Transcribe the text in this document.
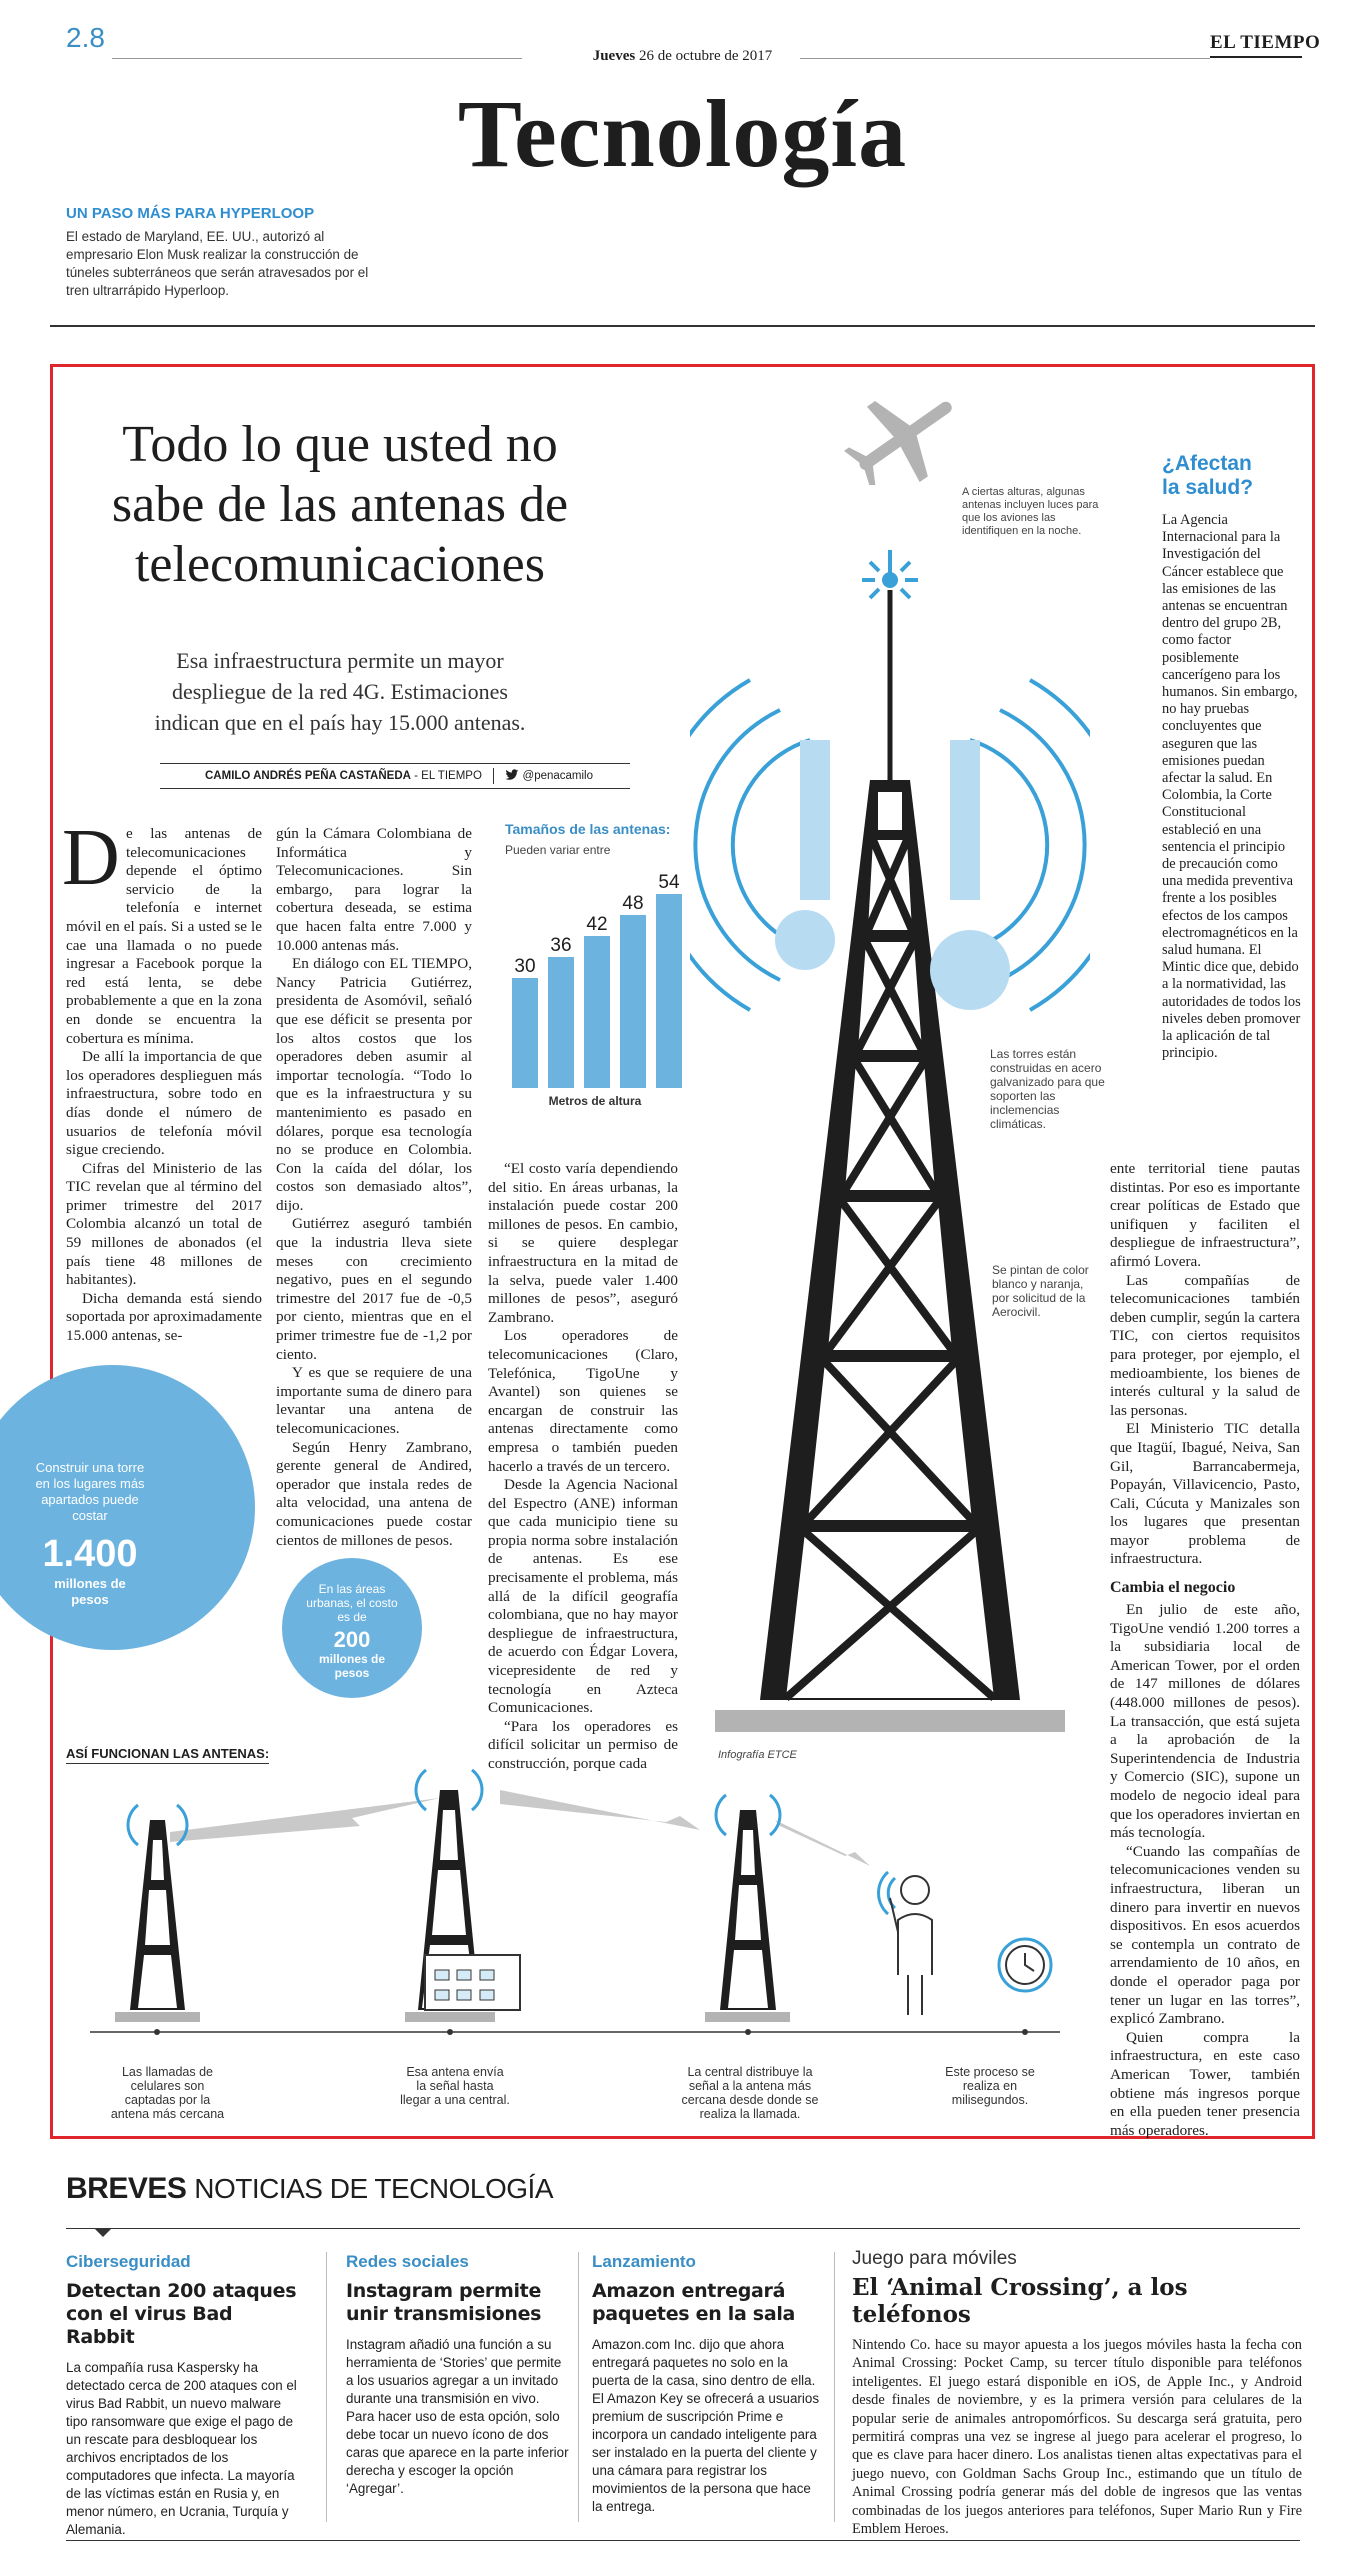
2.8
Jueves 26 de octubre de 2017
EL TIEMPO
Tecnología
UN PASO MÁS PARA HYPERLOOP

El estado de Maryland, EE. UU., autorizó al empresario Elon Musk realizar la construcción de túneles subterráneos que serán atravesados por el tren ultrarrápido Hyperloop.

Todo lo que usted no sabe de las antenas de telecomunicaciones

Esa infraestructura permite un mayor despliegue de la red 4G. Estimaciones indican que en el país hay 15.000 antenas.

CAMILO ANDRÉS PEÑA CASTAÑEDA - EL TIEMPO	@penacamilo
D e las antenas de telecomunicaciones depende el óptimo servicio de la telefonía e internet móvil en el país. Si a usted se le cae una llamada o no puede ingresar a Facebook porque la red está lenta, se debe probablemente a que en la zona en donde se encuentra la cobertura es mínima.

De allí la importancia de que los operadores desplieguen más infraestructura, sobre todo en días donde el número de usuarios de telefonía móvil sigue creciendo.

Cifras del Ministerio de las TIC revelan que al término del primer trimestre del 2017 Colombia alcanzó un total de 59 millones de abonados (el país tiene 48 millones de habitantes).

Dicha demanda está siendo soportada por aproximadamente 15.000 antenas, se-

gún la Cámara Colombiana de Informática y Telecomunicaciones. Sin embargo, para lograr la cobertura deseada, se estima que hacen falta entre 7.000 y 10.000 antenas más.

En diálogo con EL TIEMPO, Nancy Patricia Gutiérrez, presidenta de Asomóvil, señaló que ese déficit se presenta por los altos costos que los operadores deben asumir al importar tecnología. “Todo lo que es la infraestructura y su mantenimiento es pasado en dólares, porque esa tecnología no se produce en Colombia. Con la caída del dólar, los costos son demasiado altos”, dijo.

Gutiérrez aseguró también que la industria lleva siete meses con crecimiento negativo, pues en el segundo trimestre del 2017 fue de -0,5 por ciento, mientras que en el primer trimestre fue de -1,2 por ciento.

Y es que se requiere de una importante suma de dinero para levantar una antena de telecomunicaciones.

Según Henry Zambrano, gerente general de Andired, operador que instala redes de alta velocidad, una antena de comunicaciones puede costar cientos de millones de pesos.

“El costo varía dependiendo del sitio. En áreas urbanas, la instalación puede costar 200 millones de pesos. En cambio, si se quiere desplegar infraestructura en la mitad de la selva, puede valer 1.400 millones de pesos”, aseguró Zambrano.

Los operadores de telecomunicaciones (Claro, Telefónica, TigoUne y Avantel) son quienes se encargan de construir las antenas directamente como empresa o también pueden hacerlo a través de un tercero.

Desde la Agencia Nacional del Espectro (ANE) informan que cada municipio tiene su propia norma sobre instalación de antenas. Es ese precisamente el problema, más allá de la difícil geografía colombiana, que no hay mayor despliegue de infraestructura, de acuerdo con Édgar Lovera, vicepresidente de red y tecnología en Azteca Comunicaciones.

“Para los operadores es difícil solicitar un permiso de construcción, porque cada

ente territorial tiene pautas distintas. Por eso es importante crear políticas de Estado que unifiquen y faciliten el despliegue de infraestructura”, afirmó Lovera.

Las compañías de telecomunicaciones también deben cumplir, según la cartera TIC, con ciertos requisitos para proteger, por ejemplo, el medioambiente, los bienes de interés cultural y la salud de las personas.

El Ministerio TIC detalla que Itagüí, Ibagué, Neiva, San Gil, Barrancabermeja, Popayán, Villavicencio, Pasto, Cali, Cúcuta y Manizales son los lugares que presentan mayor problema de infraestructura.

Cambia el negocio

En julio de este año, TigoUne vendió 1.200 torres a la subsidiaria local de American Tower, por el orden de 147 millones de dólares (448.000 millones de pesos). La transacción, que está sujeta a la aprobación de la Superintendencia de Industria y Comercio (SIC), supone un modelo de negocio ideal para que los operadores inviertan en más tecnología.

“Cuando las compañías de telecomunicaciones venden su infraestructura, liberan un dinero para invertir en nuevos dispositivos. En esos acuerdos se contempla un contrato de arrendamiento de 10 años, en donde el operador paga por tener un lugar en las torres”, explicó Zambrano.

Quien compra la infraestructura, en este caso American Tower, también obtiene más ingresos porque en ella pueden tener presencia más operadores.

¿Afectan la salud?

La Agencia Internacional para la Investigación del Cáncer establece que las emisiones de las antenas se encuentran dentro del grupo 2B, como factor posiblemente cancerígeno para los humanos. Sin embargo, no hay pruebas concluyentes que aseguren que las emisiones puedan afectar la salud. En Colombia, la Corte Constitucional estableció en una sentencia el principio de precaución como una medida preventiva frente a los posibles efectos de los campos electromagnéticos en la salud humana. El Mintic dice que, debido a la normatividad, las autoridades de todos los niveles deben promover la aplicación de tal principio.

Tamaños de las antenas:
Pueden variar entre
30
36
42
48
54
Metros de altura
Construir una torre en los lugares más apartados puede costar
1.400
millones de pesos
En las áreas urbanas, el costo es de
200
millones de pesos
A ciertas alturas, algunas antenas incluyen luces para que los aviones las identifiquen en la noche.
Las torres están construidas en acero galvanizado para que soporten las inclemencias climáticas.
Se pintan de color blanco y naranja, por solicitud de la Aerocivil.
Infografía ETCE
ASÍ FUNCIONAN LAS ANTENAS:
Las llamadas de celulares son captadas por la antena más cercana
Esa antena envía la señal hasta llegar a una central.
La central distribuye la señal a la antena más cercana desde donde se realiza la llamada.
Este proceso se realiza en milisegundos.
BREVES NOTICIAS DE TECNOLOGÍA
Ciberseguridad
Detectan 200 ataques con el virus Bad Rabbit

La compañía rusa Kaspersky ha detectado cerca de 200 ataques con el virus Bad Rabbit, un nuevo malware tipo ransomware que exige el pago de un rescate para desbloquear los archivos encriptados de los computadores que infecta. La mayoría de las víctimas están en Rusia y, en menor número, en Ucrania, Turquía y Alemania.

Redes sociales
Instagram permite unir transmisiones

Instagram añadió una función a su herramienta de ‘Stories’ que permite a los usuarios agregar a un invitado durante una transmisión en vivo. Para hacer uso de esta opción, solo debe tocar un nuevo ícono de dos caras que aparece en la parte inferior derecha y escoger la opción ‘Agregar’.

Lanzamiento
Amazon entregará paquetes en la sala

Amazon.com Inc. dijo que ahora entregará paquetes no solo en la puerta de la casa, sino dentro de ella. El Amazon Key se ofrecerá a usuarios premium de suscripción Prime e incorpora un candado inteligente para ser instalado en la puerta del cliente y una cámara para registrar los movimientos de la persona que hace la entrega.

Juego para móviles
El ‘Animal Crossing’, a los teléfonos

Nintendo Co. hace su mayor apuesta a los juegos móviles hasta la fecha con Animal Crossing: Pocket Camp, su tercer título disponible para teléfonos inteligentes. El juego estará disponible en iOS, de Apple Inc., y Android desde finales de noviembre, y es la primera versión para celulares de la popular serie de animales antropomórficos. Su descarga será gratuita, pero permitirá compras una vez se ingrese al juego para acelerar el progreso, lo que es clave para hacer dinero. Los analistas tienen altas expectativas para el juego nuevo, con Goldman Sachs Group Inc., estimando que un título de Animal Crossing podría generar más del doble de ingresos que las ventas combinadas de los juegos anteriores para teléfonos, Super Mario Run y Fire Emblem Heroes.
